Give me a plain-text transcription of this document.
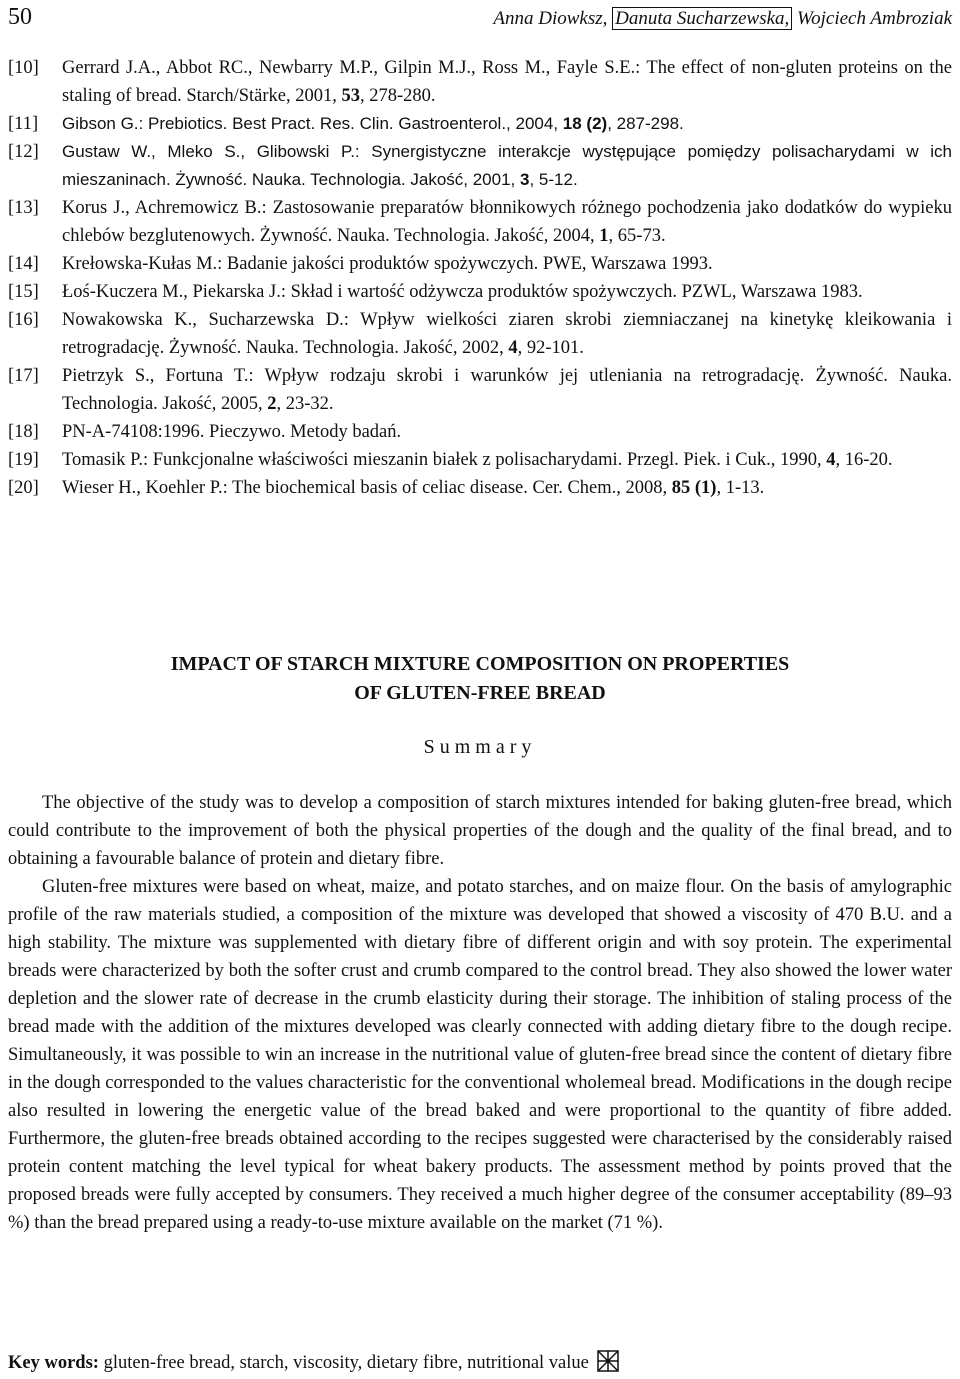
50	Anna Diowksz, Danuta Sucharzewska, Wojciech Ambroziak
[10] Gerrard J.A., Abbot RC., Newbarry M.P., Gilpin M.J., Ross M., Fayle S.E.: The effect of non-gluten proteins on the staling of bread. Starch/Stärke, 2001, 53, 278-280.
[11] Gibson G.: Prebiotics. Best Pract. Res. Clin. Gastroenterol., 2004, 18 (2), 287-298.
[12] Gustaw W., Mleko S., Glibowski P.: Synergistyczne interakcje występujące pomiędzy polisacharydami w ich mieszaninach. Żywność. Nauka. Technologia. Jakość, 2001, 3, 5-12.
[13] Korus J., Achremowicz B.: Zastosowanie preparatów błonnikowych różnego pochodzenia jako dodatków do wypieku chlebów bezglutenowych. Żywność. Nauka. Technologia. Jakość, 2004, 1, 65-73.
[14] Krełowska-Kułas M.: Badanie jakości produktów spożywczych. PWE, Warszawa 1993.
[15] Łoś-Kuczera M., Piekarska J.: Skład i wartość odżywcza produktów spożywczych. PZWL, Warszawa 1983.
[16] Nowakowska K., Sucharzewska D.: Wpływ wielkości ziaren skrobi ziemniaczanej na kinetykę kleikowania i retrogradację. Żywność. Nauka. Technologia. Jakość, 2002, 4, 92-101.
[17] Pietrzyk S., Fortuna T.: Wpływ rodzaju skrobi i warunków jej utleniania na retrogradację. Żywność. Nauka. Technologia. Jakość, 2005, 2, 23-32.
[18] PN-A-74108:1996. Pieczywo. Metody badań.
[19] Tomasik P.: Funkcjonalne właściwości mieszanin białek z polisacharydami. Przegl. Piek. i Cuk., 1990, 4, 16-20.
[20] Wieser H., Koehler P.: The biochemical basis of celiac disease. Cer. Chem., 2008, 85 (1), 1-13.
IMPACT OF STARCH MIXTURE COMPOSITION ON PROPERTIES
OF GLUTEN-FREE BREAD
Summary

The objective of the study was to develop a composition of starch mixtures intended for baking gluten-free bread, which could contribute to the improvement of both the physical properties of the dough and the quality of the final bread, and to obtaining a favourable balance of protein and dietary fibre.

Gluten-free mixtures were based on wheat, maize, and potato starches, and on maize flour. On the basis of amylographic profile of the raw materials studied, a composition of the mixture was developed that showed a viscosity of 470 B.U. and a high stability. The mixture was supplemented with dietary fibre of different origin and with soy protein. The experimental breads were characterized by both the softer crust and crumb compared to the control bread. They also showed the lower water depletion and the slower rate of decrease in the crumb elasticity during their storage. The inhibition of staling process of the bread made with the addition of the mixtures developed was clearly connected with adding dietary fibre to the dough recipe. Simultaneously, it was possible to win an increase in the nutritional value of gluten-free bread since the content of dietary fibre in the dough corresponded to the values characteristic for the conventional wholemeal bread. Modifications in the dough recipe also resulted in lowering the energetic value of the bread baked and were proportional to the quantity of fibre added. Furthermore, the gluten-free breads obtained according to the recipes suggested were characterised by the considerably raised protein content matching the level typical for wheat bakery products. The assessment method by points proved that the proposed breads were fully accepted by consumers. They received a much higher degree of the consumer acceptability (89–93 %) than the bread prepared using a ready-to-use mixture available on the market (71 %).

Key words: gluten-free bread, starch, viscosity, dietary fibre, nutritional value
